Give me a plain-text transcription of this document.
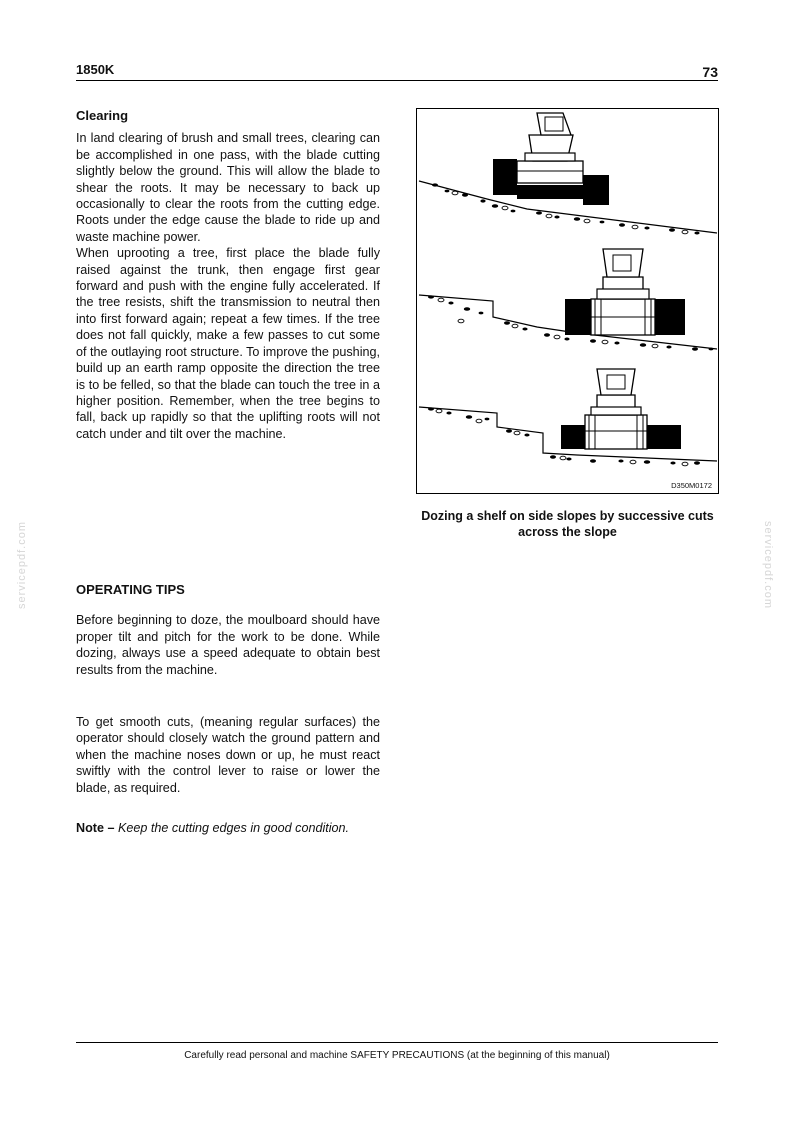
1850K	73
Clearing

In land clearing of brush and small trees, clearing can be accomplished in one pass, with the blade cutting slightly below the ground. This will allow the blade to shear the roots. It may be necessary to back up occasionally to clear the roots from the cutting edge. Roots under the edge cause the blade to ride up and waste machine power.

When uprooting a tree, first place the blade fully raised against the trunk, then engage first gear forward and push with the engine fully accelerated. If the tree resists, shift the transmission to neutral then into first forward again; repeat a few times. If the tree does not fall quickly, make a few passes to cut some of the outlaying root structure. To improve the pushing, build up an earth ramp opposite the direction the tree is to be felled, so that the blade can touch the tree in a higher position. Remember, when the tree begins to fall, back up rapidly so that the uplifting roots will not catch under and tilt over the machine.

D350M0172
Dozing a shelf on side slopes by successive cuts across the slope
OPERATING TIPS

Before beginning to doze, the moulboard should have proper tilt and pitch for the work to be done. While dozing, always use a speed adequate to obtain best results from the machine.

To get smooth cuts, (meaning regular surfaces) the operator should closely watch the ground pattern and when the machine noses down or up, he must react swiftly with the control lever to raise or lower the blade, as required.

Note – Keep the cutting edges in good condition.

servicepdf.com	servicepdf.com
Carefully read personal and machine SAFETY PRECAUTIONS (at the beginning of this manual)
